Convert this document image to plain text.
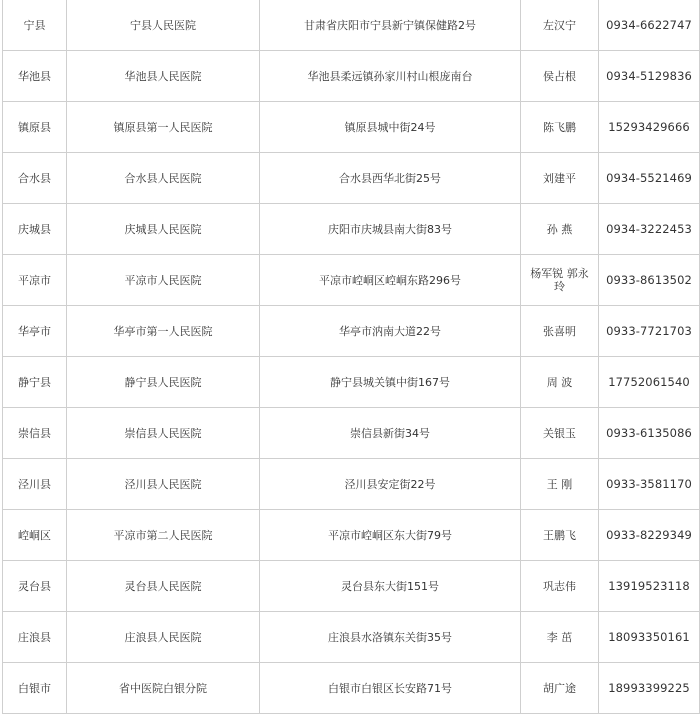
宁县	宁县人民医院	甘肃省庆阳市宁县新宁镇保健路2号	左汉宁	0934-6622747
华池县	华池县人民医院	华池县柔远镇孙家川村山根庞南台	侯占根	0934-5129836
镇原县	镇原县第一人民医院	镇原县城中街24号	陈飞鹏	15293429666
合水县	合水县人民医院	合水县西华北街25号	刘建平	0934-5521469
庆城县	庆城县人民医院	庆阳市庆城县南大街83号	孙 燕	0934-3222453
平凉市	平凉市人民医院	平凉市崆峒区崆峒东路296号	杨军锐 郭永玲	0933-8613502
华亭市	华亭市第一人民医院	华亭市汭南大道22号	张喜明	0933-7721703
静宁县	静宁县人民医院	静宁县城关镇中街167号	周 波	17752061540
崇信县	崇信县人民医院	崇信县新街34号	关银玉	0933-6135086
泾川县	泾川县人民医院	泾川县安定街22号	王 刚	0933-3581170
崆峒区	平凉市第二人民医院	平凉市崆峒区东大街79号	王鹏飞	0933-8229349
灵台县	灵台县人民医院	灵台县东大街151号	巩志伟	13919523118
庄浪县	庄浪县人民医院	庄浪县水洛镇东关街35号	李 茁	18093350161
白银市	省中医院白银分院	白银市白银区长安路71号	胡广途	18993399225
